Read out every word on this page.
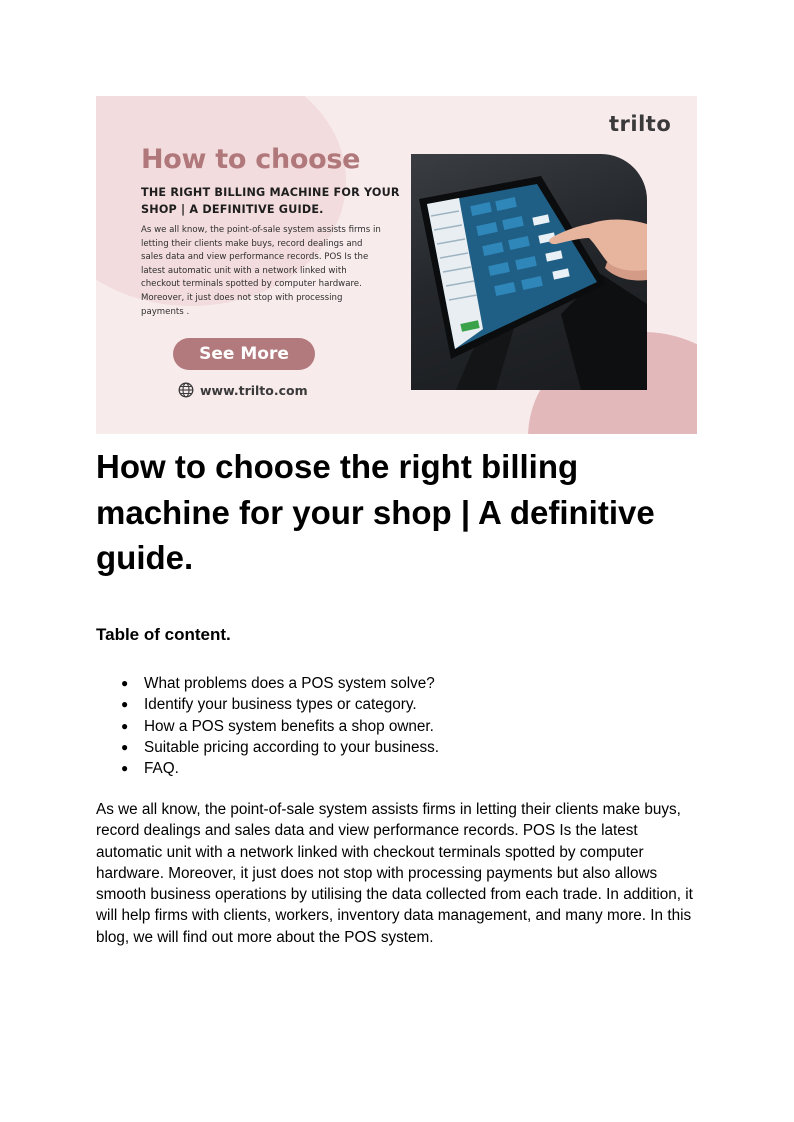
trilto
How to choose
THE RIGHT BILLING MACHINE FOR YOUR SHOP | A DEFINITIVE GUIDE.
As we all know, the point-of-sale system assists firms in letting their clients make buys, record dealings and sales data and view performance records. POS Is the latest automatic unit with a network linked with checkout terminals spotted by computer hardware. Moreover, it just does not stop with processing payments .
See More
www.trilto.com
How to choose the right billing machine for your shop | A definitive guide.
Table of content.
● What problems does a POS system solve?
● Identify your business types or category.
● How a POS system benefits a shop owner.
● Suitable pricing according to your business.
● FAQ.

As we all know, the point-of-sale system assists firms in letting their clients make buys, record dealings and sales data and view performance records. POS Is the latest automatic unit with a network linked with checkout terminals spotted by computer hardware. Moreover, it just does not stop with processing payments but also allows smooth business operations by utilising the data collected from each trade. In addition, it will help firms with clients, workers, inventory data management, and many more. In this blog, we will find out more about the POS system.
